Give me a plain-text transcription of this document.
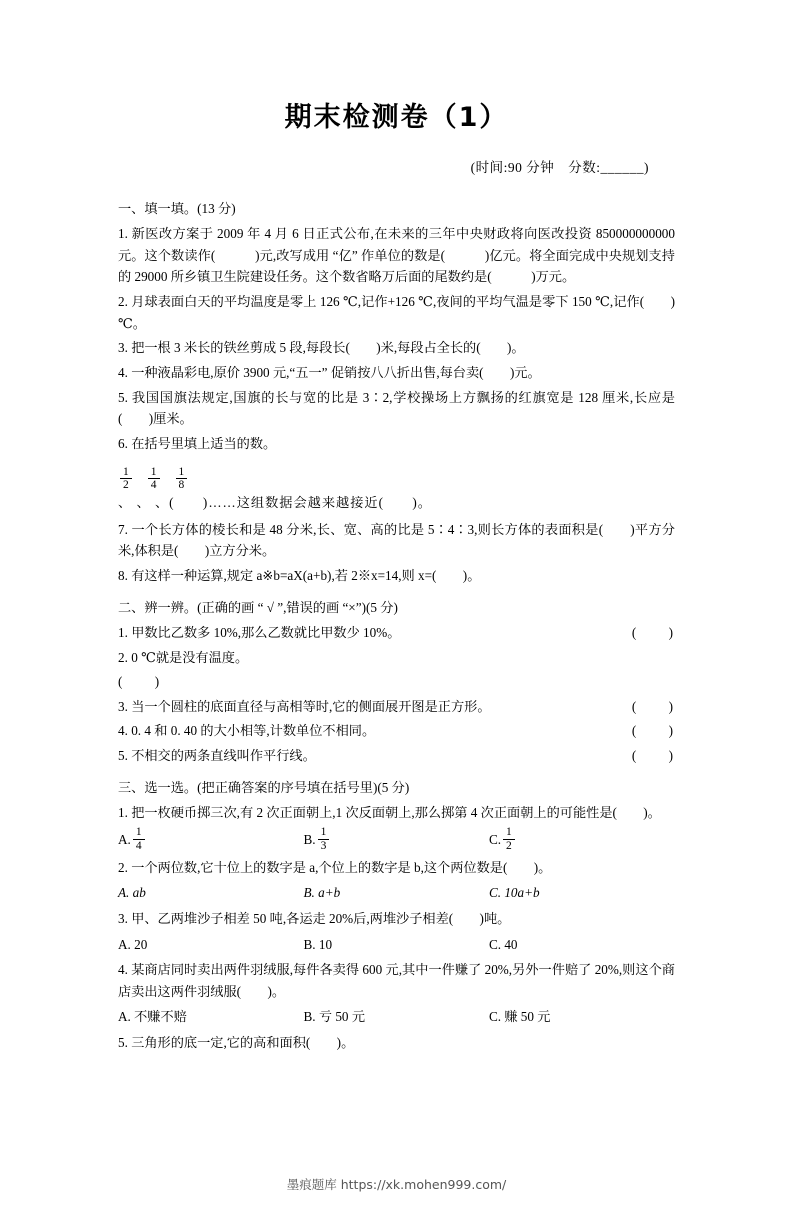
期末检测卷（1）
(时间:90 分钟　分数:______)
一、填一填。(13 分)
1. 新医改方案于 2009 年 4 月 6 日正式公布,在未来的三年中央财政将向医改投资 850000000000 元。这个数读作(　　　)元,改写成用 “亿” 作单位的数是(　　　)亿元。将全面完成中央规划支持的 29000 所乡镇卫生院建设任务。这个数省略万后面的尾数约是(　　　)万元。
2. 月球表面白天的平均温度是零上 126 ℃,记作+126 ℃,夜间的平均气温是零下 150 ℃,记作(　　)℃。
3. 把一根 3 米长的铁丝剪成 5 段,每段长(　　)米,每段占全长的(　　)。
4. 一种液晶彩电,原价 3900 元,“五一” 促销按八八折出售,每台卖(　　)元。
5. 我国国旗法规定,国旗的长与宽的比是 3∶2,学校操场上方飘扬的红旗宽是 128 厘米,长应是(　　)厘米。
6. 在括号里填上适当的数。
$\frac{1}{2} \frac{1}{4} \frac{1}{8}$
、 、 、(　　)……这组数据会越来越接近(　　)。
7. 一个长方体的棱长和是 48 分米,长、宽、高的比是 5∶4∶3,则长方体的表面积是(　　)平方分米,体积是(　　)立方分米。
8. 有这样一种运算,规定 a※b=aX(a+b),若 2※x=14,则 x=(　　)。
二、辨一辨。(正确的画 “ √ ”,错误的画 “×”)(5 分)
1. 甲数比乙数多 10%,那么乙数就比甲数少 10%。	(　　)
2. 0 ℃就是没有温度。
(　　)
3. 当一个圆柱的底面直径与高相等时,它的侧面展开图是正方形。	(　　)
4. 0. 4 和 0. 40 的大小相等,计数单位不相同。	(　　)
5. 不相交的两条直线叫作平行线。	(　　)
三、选一选。(把正确答案的序号填在括号里)(5 分)
1. 把一枚硬币掷三次,有 2 次正面朝上,1 次反面朝上,那么掷第 4 次正面朝上的可能性是(　　)。
A. $\frac{1}{4}$	B. $\frac{1}{3}$	C. $\frac{1}{2}$
2. 一个两位数,它十位上的数字是 a,个位上的数字是 b,这个两位数是(　　)。
A. ab	B. a+b	C. 10a+b
3. 甲、乙两堆沙子相差 50 吨,各运走 20%后,两堆沙子相差(　　)吨。
A. 20	B. 10	C. 40
4. 某商店同时卖出两件羽绒服,每件各卖得 600 元,其中一件赚了 20%,另外一件赔了 20%,则这个商店卖出这两件羽绒服(　　)。
A. 不赚不赔	B. 亏 50 元	C. 赚 50 元
5. 三角形的底一定,它的高和面积(　　)。
墨痕题库 https://xk.mohen999.com/
